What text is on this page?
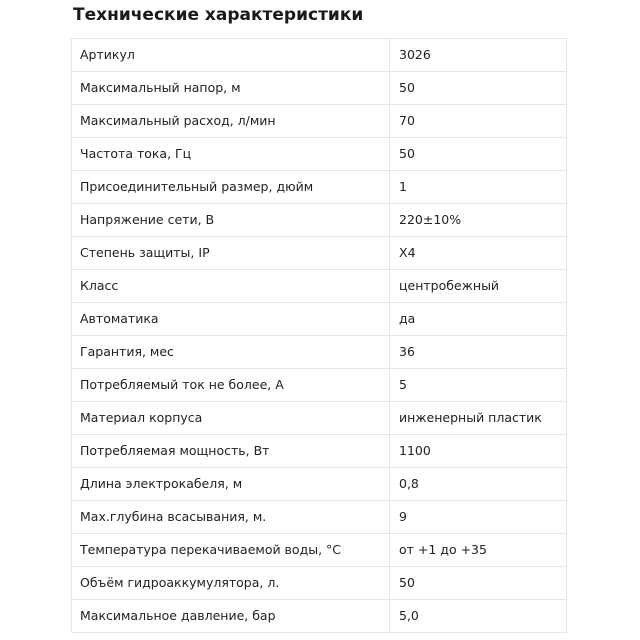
Технические характеристики
Артикул	3026
Максимальный напор, м	50
Максимальный расход, л/мин	70
Частота тока, Гц	50
Присоединительный размер, дюйм	1
Напряжение сети, В	220±10%
Степень защиты, IP	X4
Класс	центробежный
Автоматика	да
Гарантия, мес	36
Потребляемый ток не более, А	5
Материал корпуса	инженерный пластик
Потребляемая мощность, Вт	1100
Длина электрокабеля, м	0,8
Max.глубина всасывания, м.	9
Температура перекачиваемой воды, °С	от +1 до +35
Объём гидроаккумулятора, л.	50
Максимальное давление, бар	5,0
